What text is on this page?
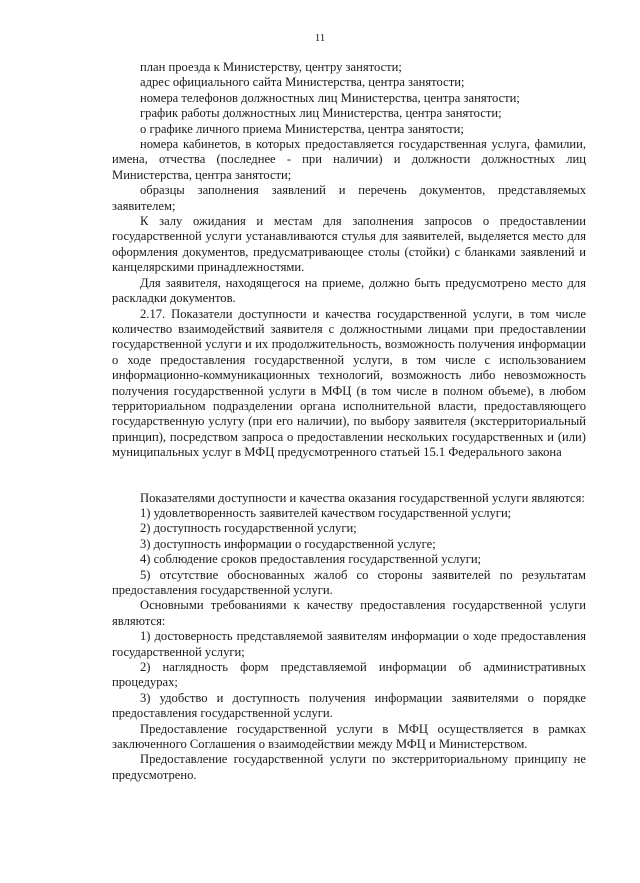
11

план проезда к Министерству, центру занятости;

адрес официального сайта Министерства, центра занятости;

номера телефонов должностных лиц Министерства, центра занятости;

график работы должностных лиц Министерства, центра занятости;

о графике личного приема Министерства, центра занятости;

номера кабинетов, в которых предоставляется государственная услуга, фамилии, имена, отчества (последнее - при наличии) и должности должностных лиц Министерства, центра занятости;

образцы заполнения заявлений и перечень документов, представляемых заявителем;

К залу ожидания и местам для заполнения запросов о предоставлении государственной услуги устанавливаются стулья для заявителей, выделяется место для оформления документов, предусматривающее столы (стойки) с бланками заявлений и канцелярскими принадлежностями.

Для заявителя, находящегося на приеме, должно быть предусмотрено место для раскладки документов.

2.17. Показатели доступности и качества государственной услуги, в том числе количество взаимодействий заявителя с должностными лицами при предоставлении государственной услуги и их продолжительность, возможность получения информации о ходе предоставления государственной услуги, в том числе с использованием информационно-коммуникационных технологий, возможность либо невозможность получения государственной услуги в МФЦ (в том числе в полном объеме), в любом территориальном подразделении органа исполнительной власти, предоставляющего государственную услугу (при его наличии), по выбору заявителя (экстерриториальный принцип), посредством запроса о предоставлении нескольких государственных и (или) муниципальных услуг в МФЦ предусмотренного статьей 15.1 Федерального закона

Показателями доступности и качества оказания государственной услуги являются:

1) удовлетворенность заявителей качеством государственной услуги;

2) доступность государственной услуги;

3) доступность информации о государственной услуге;

4) соблюдение сроков предоставления государственной услуги;

5) отсутствие обоснованных жалоб со стороны заявителей по результатам предоставления государственной услуги.

Основными требованиями к качеству предоставления государственной услуги являются:

1) достоверность представляемой заявителям информации о ходе предоставления государственной услуги;

2) наглядность форм представляемой информации об административных процедурах;

3) удобство и доступность получения информации заявителями о порядке предоставления государственной услуги.

Предоставление государственной услуги в МФЦ осуществляется в рамках заключенного Соглашения о взаимодействии между МФЦ и Министерством.

Предоставление государственной услуги по экстерриториальному принципу не предусмотрено.
